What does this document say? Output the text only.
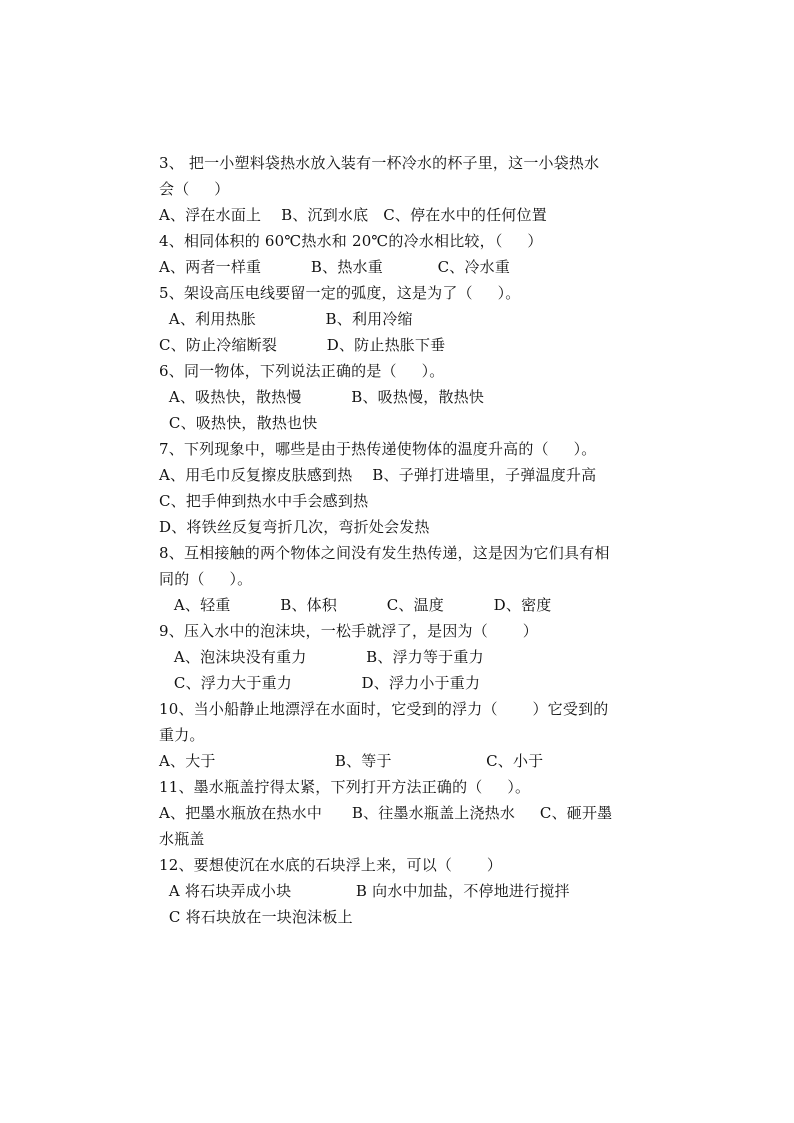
3、 把一小塑料袋热水放入装有一杯冷水的杯子里，这一小袋热水
会（     ）
A、浮在水面上    B、沉到水底   C、停在水中的任何位置
4、相同体积的 60℃热水和 20℃的冷水相比较，（     ）
A、两者一样重          B、热水重           C、冷水重
5、架设高压电线要留一定的弧度，这是为了（     ）。
A、利用热胀              B、利用冷缩
C、防止冷缩断裂          D、防止热胀下垂
6、同一物体，下列说法正确的是（     ）。
A、吸热快，散热慢          B、吸热慢，散热快
C、吸热快，散热也快
7、下列现象中，哪些是由于热传递使物体的温度升高的（     ）。
A、用毛巾反复擦皮肤感到热    B、子弹打进墙里，子弹温度升高
C、把手伸到热水中手会感到热
D、将铁丝反复弯折几次，弯折处会发热
8、互相接触的两个物体之间没有发生热传递，这是因为它们具有相
同的（     ）。
A、轻重          B、体积          C、温度          D、密度
9、压入水中的泡沫块，一松手就浮了，是因为（       ）
A、泡沫块没有重力            B、浮力等于重力
C、浮力大于重力              D、浮力小于重力
10、当小船静止地漂浮在水面时，它受到的浮力（       ）它受到的
重力。
A、大于                        B、等于                   C、小于
11、墨水瓶盖拧得太紧，下列打开方法正确的（     ）。
A、把墨水瓶放在热水中      B、往墨水瓶盖上浇热水     C、砸开墨
水瓶盖
12、要想使沉在水底的石块浮上来，可以（       ）
A 将石块弄成小块             B 向水中加盐，不停地进行搅拌
C 将石块放在一块泡沫板上
